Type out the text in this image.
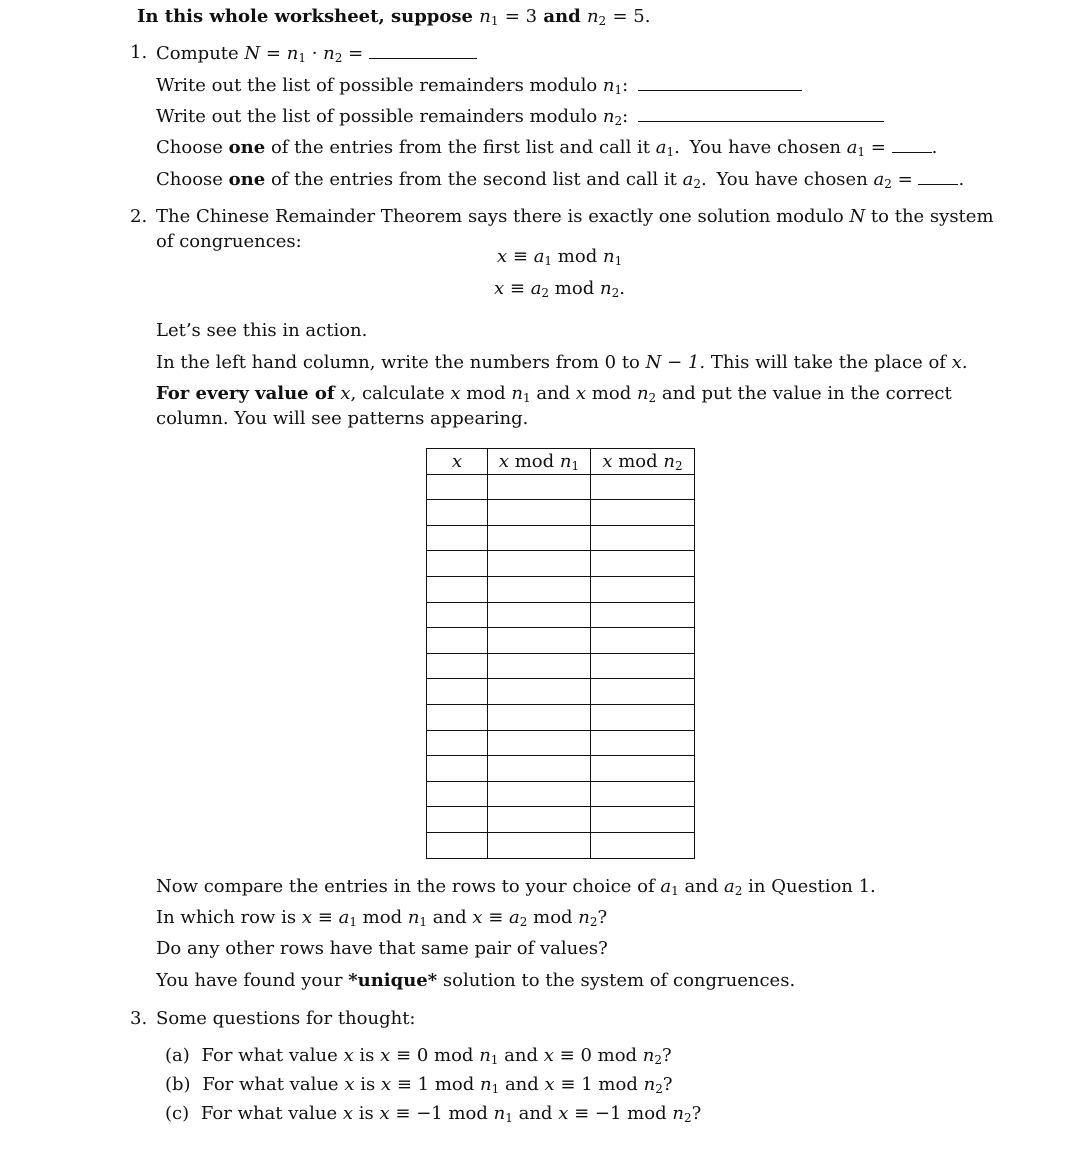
In this whole worksheet, suppose $n_1 = 3$ and $n_2 = 5$.
1. Compute $N = n_1 \cdot n_2$ =
Write out the list of possible remainders modulo $n_1$:
Write out the list of possible remainders modulo $n_2$:
Choose one of the entries from the first list and call it $a_1$. You have chosen $a_1$ = .
Choose one of the entries from the second list and call it $a_2$. You have chosen $a_2$ = .
2. The Chinese Remainder Theorem says there is exactly one solution modulo N to the system
of congruences:
$x \equiv a_1$ mod $n_1$
$x \equiv a_2$ mod $n_2$.
Let’s see this in action.
In the left hand column, write the numbers from 0 to N − 1. This will take the place of x.
For every value of x, calculate x mod $n_1$ and x mod $n_2$ and put the value in the correct
column. You will see patterns appearing.
x	x mod $n_1$	x mod $n_2$

Now compare the entries in the rows to your choice of $a_1$ and $a_2$ in Question 1.
In which row is $x \equiv a_1$ mod $n_1$ and $x \equiv a_2$ mod $n_2$?
Do any other rows have that same pair of values?
You have found your *unique* solution to the system of congruences.
3. Some questions for thought:
(a) For what value x is x ≡ 0 mod $n_1$ and x ≡ 0 mod $n_2$?
(b) For what value x is x ≡ 1 mod $n_1$ and x ≡ 1 mod $n_2$?
(c) For what value x is x ≡ −1 mod $n_1$ and x ≡ −1 mod $n_2$?
